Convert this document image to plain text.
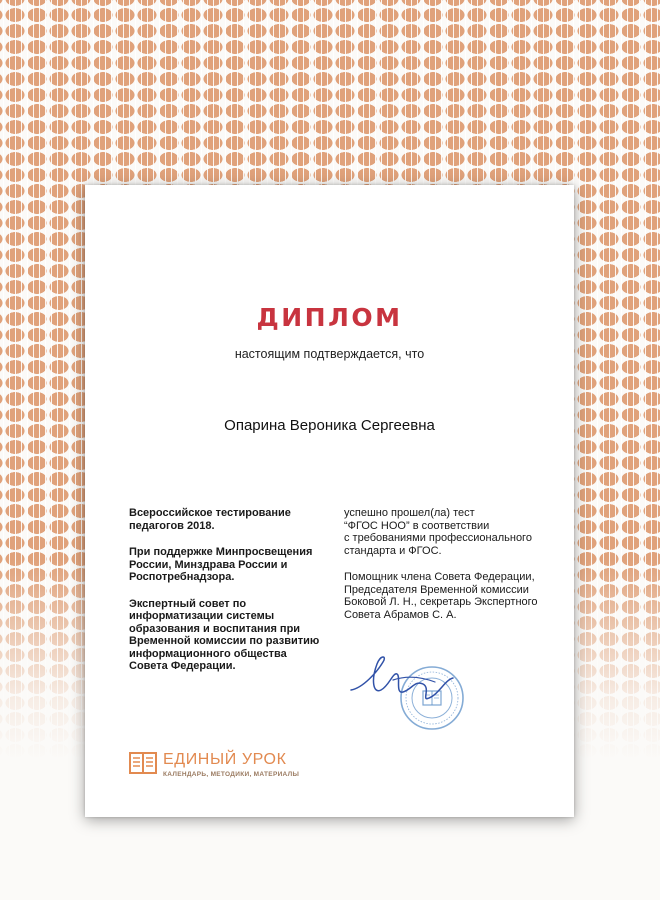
ДИПЛОМ
настоящим подтверждается, что
Опарина Вероника Сергеевна

Всероссийское тестирование
педагогов 2018.

При поддержке Минпросвещения
России, Минздрава России и
Роспотребнадзора.

Экспертный совет по
информатизации системы
образования и воспитания при
Временной комиссии по развитию
информационного общества
Совета Федерации.

успешно прошел(ла) тест
“ФГОС НОО” в соответствии
с требованиями профессионального
стандарта и ФГОС.

Помощник члена Совета Федерации,
Председателя Временной комиссии
Боковой Л. Н., секретарь Экспертного
Совета Абрамов С. А.

ЕДИНЫЙ УРОК
КАЛЕНДАРЬ, МЕТОДИКИ, МАТЕРИАЛЫ
